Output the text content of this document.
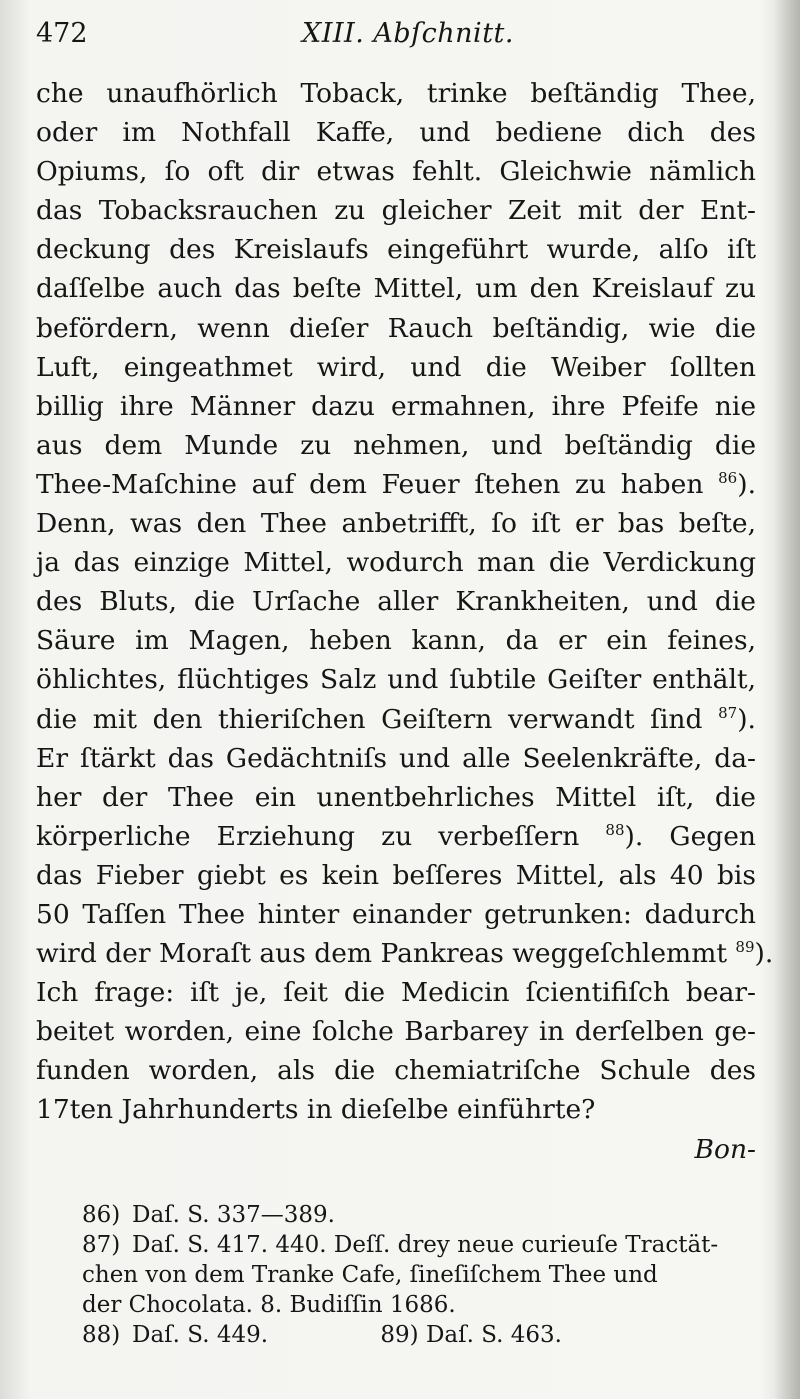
472	XIII. Abſchnitt.
che unaufhörlich Toback, trinke beſtändig Thee,
oder im Nothfall Kaffe, und bediene dich des
Opiums, ſo oft dir etwas fehlt. Gleichwie nämlich
das Tobacksrauchen zu gleicher Zeit mit der Ent-
deckung des Kreislaufs eingeführt wurde, alſo iſt
daſſelbe auch das beſte Mittel, um den Kreislauf zu
befördern, wenn dieſer Rauch beſtändig, wie die
Luft, eingeathmet wird, und die Weiber ſollten
billig ihre Männer dazu ermahnen, ihre Pfeife nie
aus dem Munde zu nehmen, und beſtändig die
Thee-Maſchine auf dem Feuer ſtehen zu haben $^{86}$).
Denn, was den Thee anbetrifft, ſo iſt er bas beſte,
ja das einzige Mittel, wodurch man die Verdickung
des Bluts, die Urſache aller Krankheiten, und die
Säure im Magen, heben kann, da er ein feines,
öhlichtes, flüchtiges Salz und ſubtile Geiſter enthält,
die mit den thieriſchen Geiſtern verwandt ſind $^{87}$).
Er ſtärkt das Gedächtniſs und alle Seelenkräfte, da-
her der Thee ein unentbehrliches Mittel iſt, die
körperliche Erziehung zu verbeſſern $^{88}$). Gegen
das Fieber giebt es kein beſſeres Mittel, als 40 bis
50 Taſſen Thee hinter einander getrunken: dadurch
wird der Moraſt aus dem Pankreas weggeſchlemmt $^{89}$).
Ich frage: iſt je, ſeit die Medicin ſcientifiſch bear-
beitet worden, eine ſolche Barbarey in derſelben ge-
funden worden, als die chemiatriſche Schule des
17ten Jahrhunderts in dieſelbe einführte?
Bon-
86) Daſ. S. 337—389.
87) Daſ. S. 417. 440. Deſſ. drey neue curieuſe Tractät-
chen von dem Tranke Cafe, ſineſiſchem Thee und
der Chocolata. 8. Budiſſin 1686.
88) Daſ. S. 449.	89) Daſ. S. 463.
